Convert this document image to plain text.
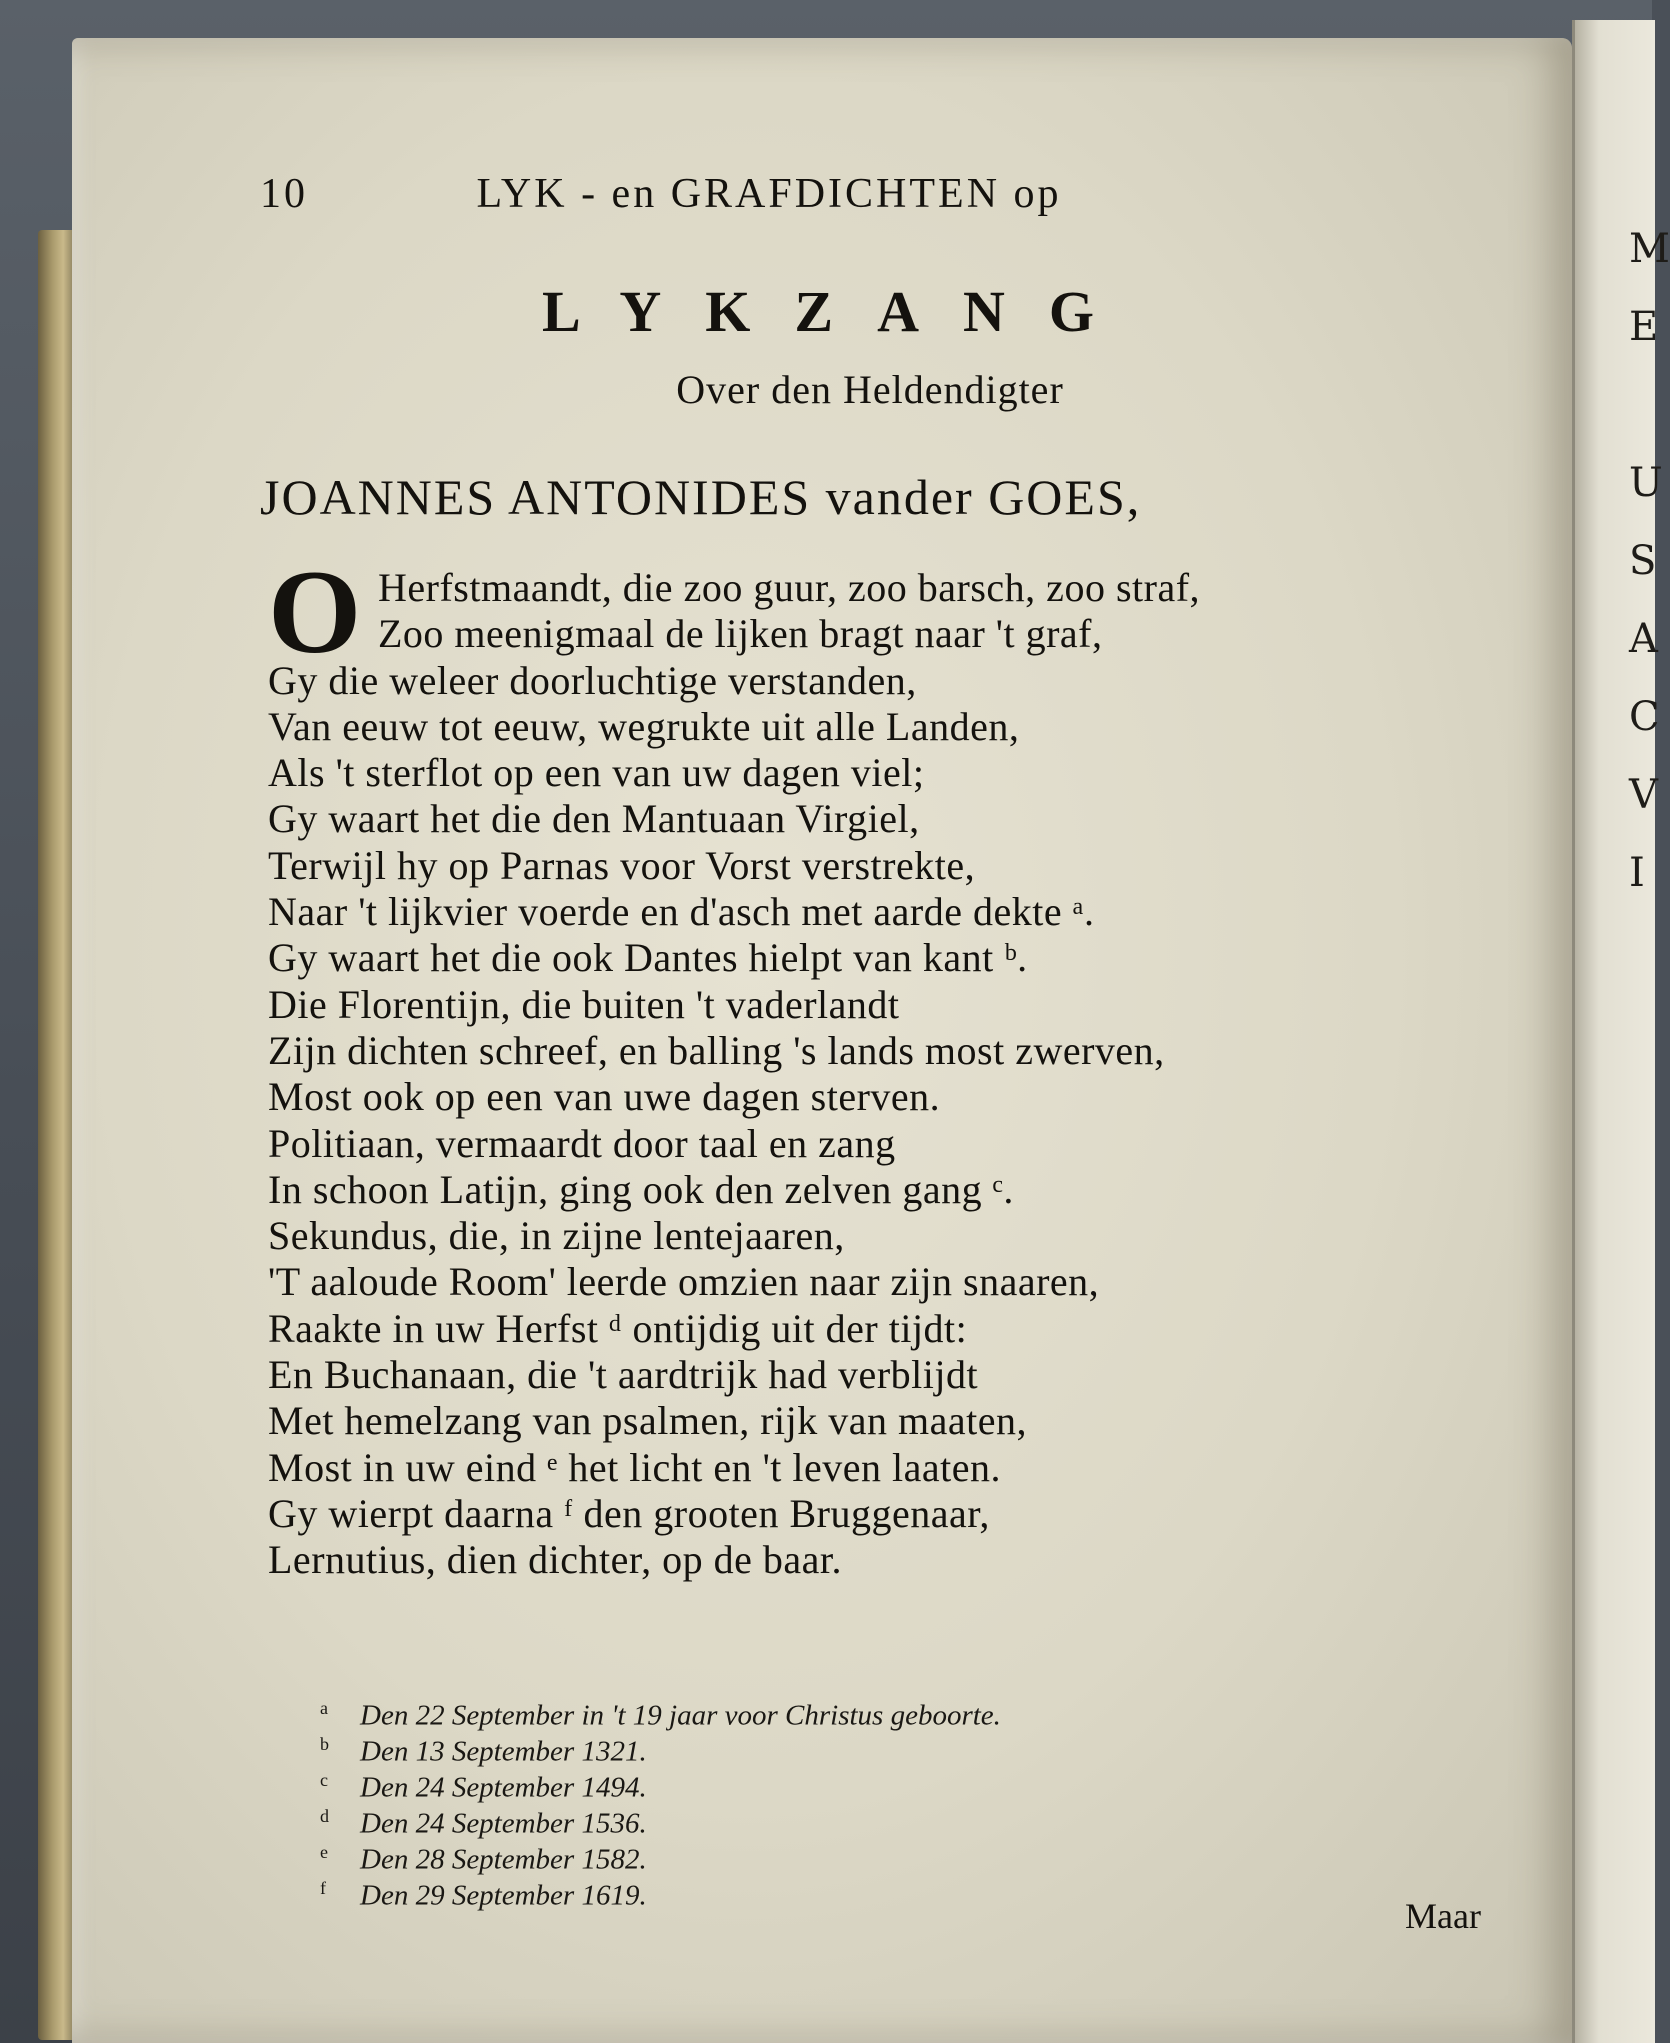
M
E

U
S
A
C
V
I
10	LYK - en GRAFDICHTEN op
LYKZANG
Over den Heldendigter
JOANNES ANTONIDES vander GOES,
O Herfstmaandt, die zoo guur, zoo barsch, zoo straf,
Zoo meenigmaal de lijken bragt naar 't graf,
Gy die weleer doorluchtige verstanden,
Van eeuw tot eeuw, wegrukte uit alle Landen,
Als 't sterflot op een van uw dagen viel;
Gy waart het die den Mantuaan Virgiel,
Terwijl hy op Parnas voor Vorst verstrekte,
Naar 't lijkvier voerde en d'asch met aarde dekte ᵃ.
Gy waart het die ook Dantes hielpt van kant ᵇ.
Die Florentijn, die buiten 't vaderlandt
Zijn dichten schreef, en balling 's lands most zwerven,
Most ook op een van uwe dagen sterven.
Politiaan, vermaardt door taal en zang
In schoon Latijn, ging ook den zelven gang ᶜ.
Sekundus, die, in zijne lentejaaren,
'T aaloude Room' leerde omzien naar zijn snaaren,
Raakte in uw Herfst ᵈ ontijdig uit der tijdt:
En Buchanaan, die 't aardtrijk had verblijdt
Met hemelzang van psalmen, rijk van maaten,
Most in uw eind ᵉ het licht en 't leven laaten.
Gy wierpt daarna ᶠ den grooten Bruggenaar,
Lernutius, dien dichter, op de baar.
a Den 22 September in 't 19 jaar voor Christus geboorte.
b Den 13 September 1321.
c Den 24 September 1494.
d Den 24 September 1536.
e Den 28 September 1582.
f Den 29 September 1619.
Maar
